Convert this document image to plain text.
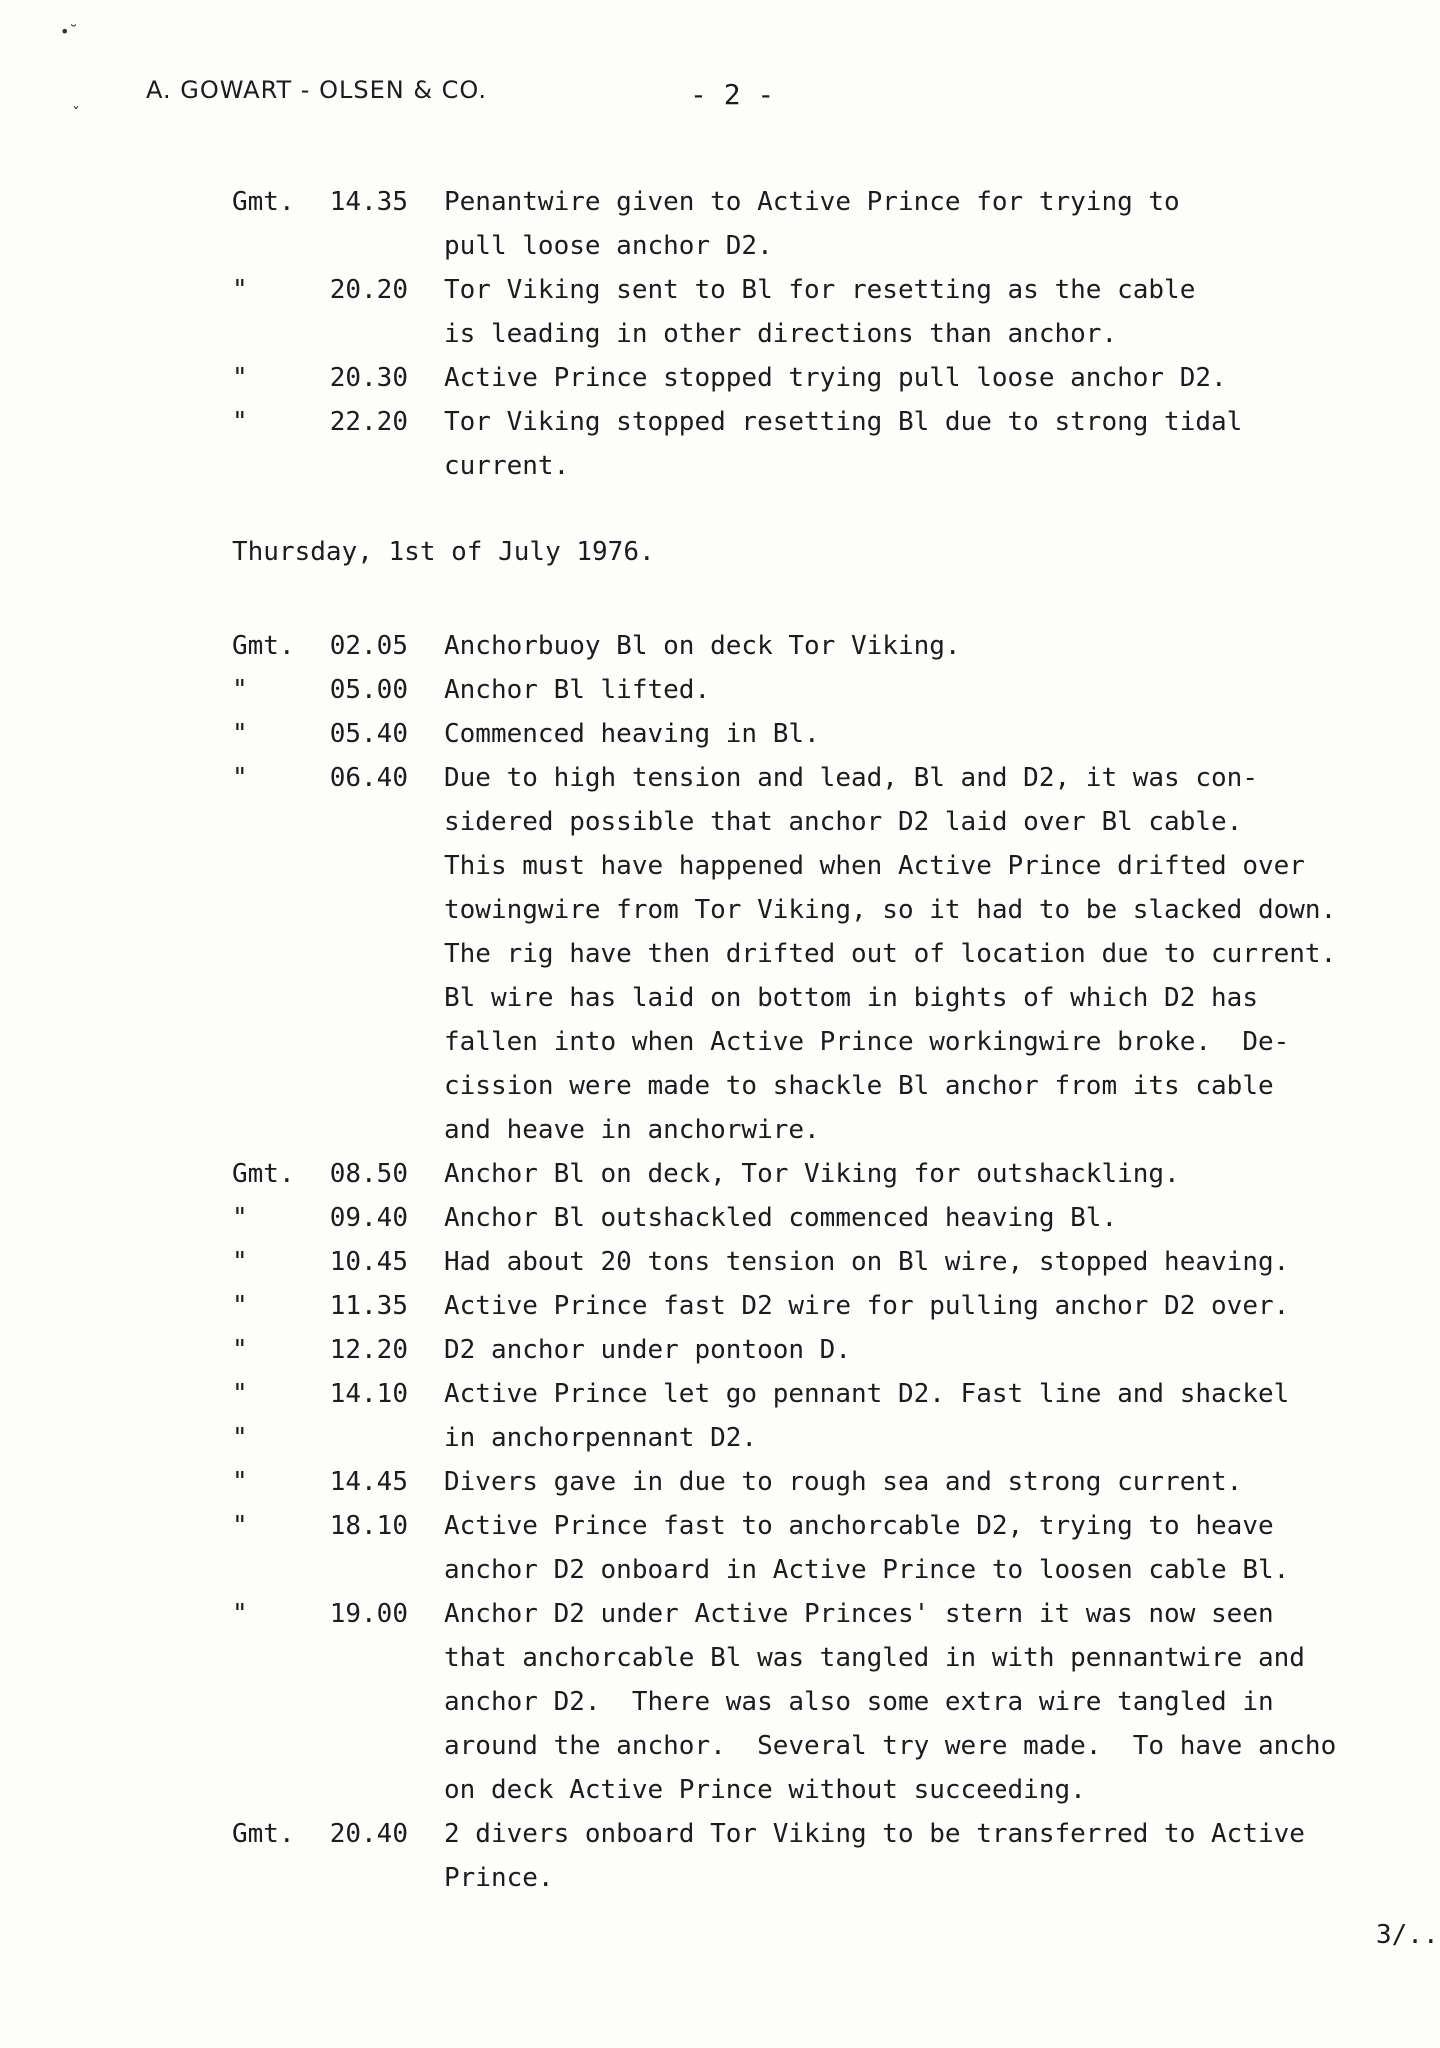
•˘
ˇ
A. GOWART - OLSEN & CO.	- 2 -
Gmt.	14.35 Penantwire given to Active Prince for trying to
pull loose anchor D2.
"	20.20 Tor Viking sent to Bl for resetting as the cable
is leading in other directions than anchor.
"	20.30 Active Prince stopped trying pull loose anchor D2.
"	22.20 Tor Viking stopped resetting Bl due to strong tidal
current.
Thursday, 1st of July 1976.
Gmt.	02.05 Anchorbuoy Bl on deck Tor Viking.
"	05.00 Anchor Bl lifted.
"	05.40 Commenced heaving in Bl.
"	06.40 Due to high tension and lead, Bl and D2, it was con-
sidered possible that anchor D2 laid over Bl cable.
This must have happened when Active Prince drifted over
towingwire from Tor Viking, so it had to be slacked down.
The rig have then drifted out of location due to current.
Bl wire has laid on bottom in bights of which D2 has
fallen into when Active Prince workingwire broke.  De-
cission were made to shackle Bl anchor from its cable
and heave in anchorwire.
Gmt.	08.50 Anchor Bl on deck, Tor Viking for outshackling.
"	09.40 Anchor Bl outshackled commenced heaving Bl.
"	10.45 Had about 20 tons tension on Bl wire, stopped heaving.
"	11.35 Active Prince fast D2 wire for pulling anchor D2 over.
"	12.20 D2 anchor under pontoon D.
"	14.10 Active Prince let go pennant D2. Fast line and shackel
"	in anchorpennant D2.
"	14.45 Divers gave in due to rough sea and strong current.
"	18.10 Active Prince fast to anchorcable D2, trying to heave
anchor D2 onboard in Active Prince to loosen cable Bl.
"	19.00 Anchor D2 under Active Princes' stern it was now seen
that anchorcable Bl was tangled in with pennantwire and
anchor D2.  There was also some extra wire tangled in
around the anchor.  Several try were made.  To have ancho
on deck Active Prince without succeeding.
Gmt.	20.40 2 divers onboard Tor Viking to be transferred to Active
Prince.
3/..
